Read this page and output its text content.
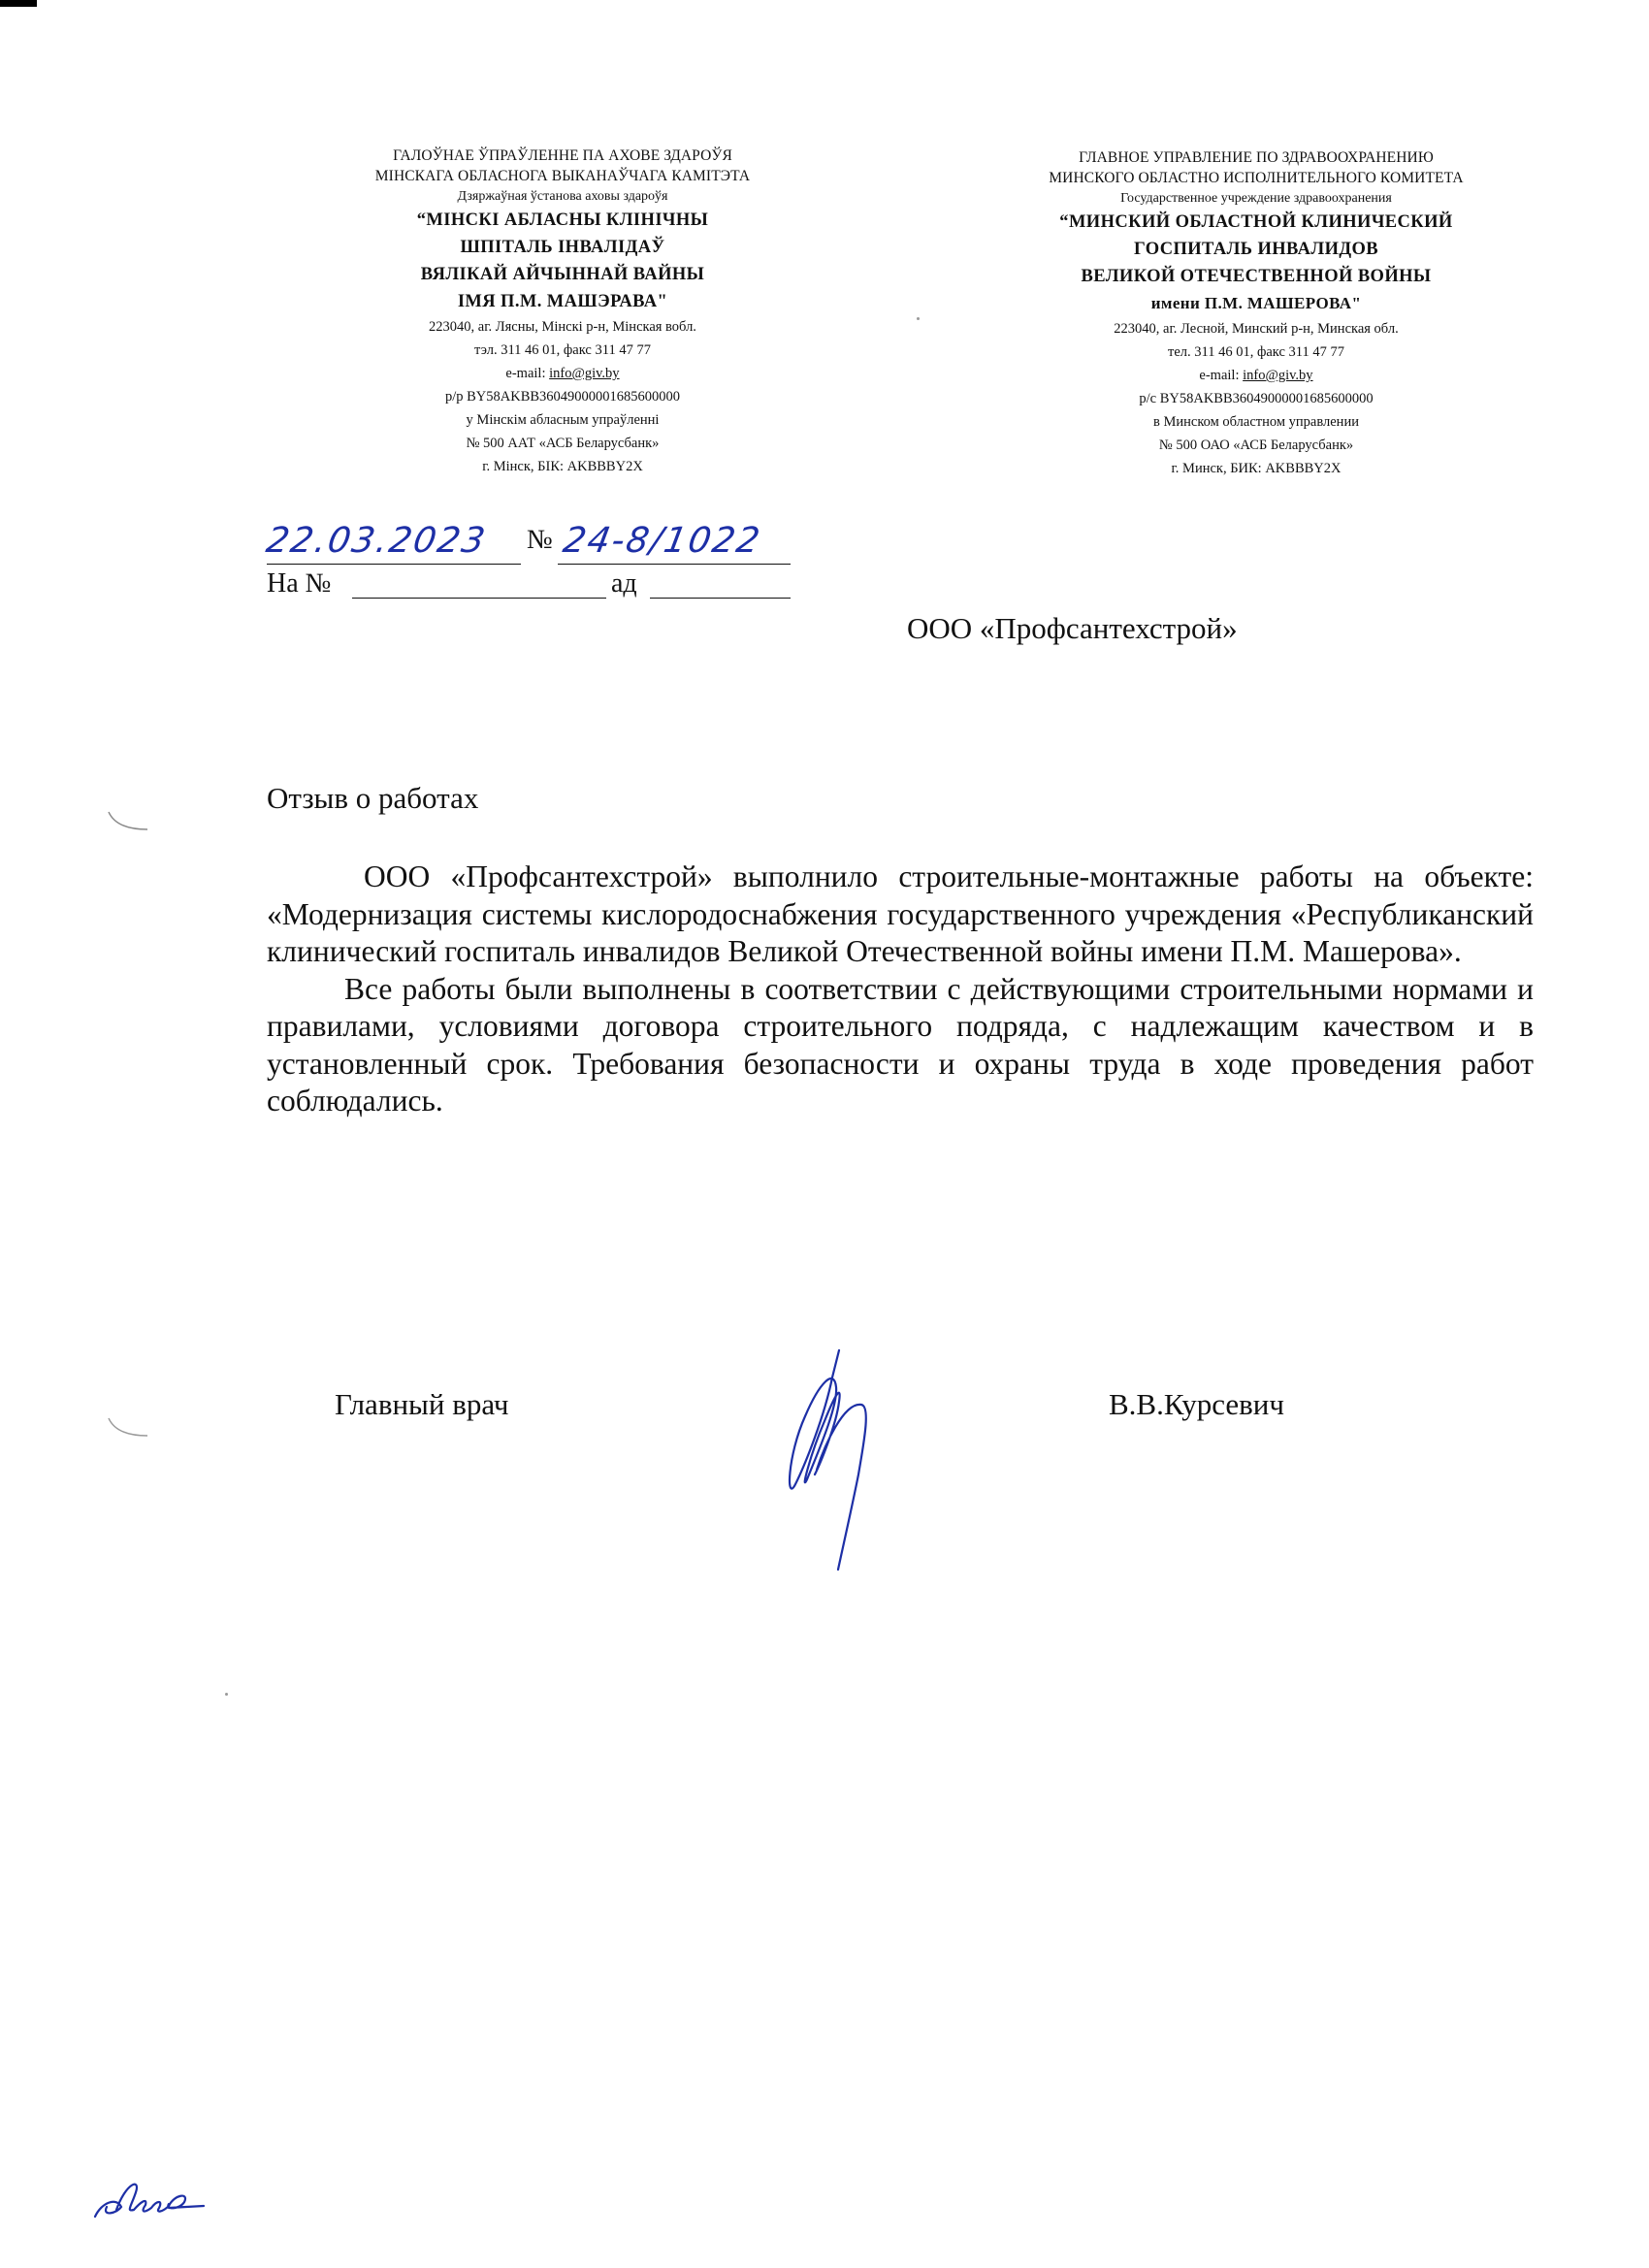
ГАЛОЎНАЕ ЎПРАЎЛЕННЕ ПА АХОВЕ ЗДАРОЎЯ
МІНСКАГА ОБЛАСНОГА ВЫКАНАЎЧАГА КАМІТЭТА
Дзяржаўная ўстанова аховы здароўя
“МІНСКІ АБЛАСНЫ КЛІНІЧНЫ
ШПІТАЛЬ ІНВАЛІДАЎ
ВЯЛІКАЙ АЙЧЫННАЙ ВАЙНЫ
ІМЯ П.М. МАШЭРАВА"
223040, аг. Лясны, Мінскі р-н, Мінская вобл.
тэл. 311 46 01, факс 311 47 77
e-mail: info@giv.by
р/р BY58AKBB36049000001685600000
у Мінскім абласным упраўленні
№ 500 ААТ «АСБ Беларусбанк»
г. Мінск, БІК: AKBBBY2X
ГЛАВНОЕ УПРАВЛЕНИЕ ПО ЗДРАВООХРАНЕНИЮ
МИНСКОГО ОБЛАСТНО ИСПОЛНИТЕЛЬНОГО КОМИТЕТА
Государственное учреждение здравоохранения
“МИНСКИЙ ОБЛАСТНОЙ КЛИНИЧЕСКИЙ
ГОСПИТАЛЬ ИНВАЛИДОВ
ВЕЛИКОЙ ОТЕЧЕСТВЕННОЙ ВОЙНЫ
имени П.М. МАШЕРОВА"
223040, аг. Лесной, Минский р-н, Минская обл.
тел. 311 46 01, факс 311 47 77
e-mail: info@giv.by
р/с BY58AKBB36049000001685600000
в Минском областном управлении
№ 500 ОАО «АСБ Беларусбанк»
г. Минск, БИК: AKBBBY2X
22.03.2023 № 24-8/1022
На №	ад
ООО «Профсантехстрой»
Отзыв о работах

ООО «Профсантехстрой» выполнило строительные-монтажные работы на объекте: «Модернизация системы кислородоснабжения государственного учреждения «Республиканский клинический госпиталь инвалидов Великой Отечественной войны имени П.М. Машерова».

Все работы были выполнены в соответствии с действующими строительными нормами и правилами, условиями договора строительного подряда, с надлежащим качеством и в установленный срок. Требования безопасности и охраны труда в ходе проведения работ соблюдались.

Главный врач	В.В.Курсевич
